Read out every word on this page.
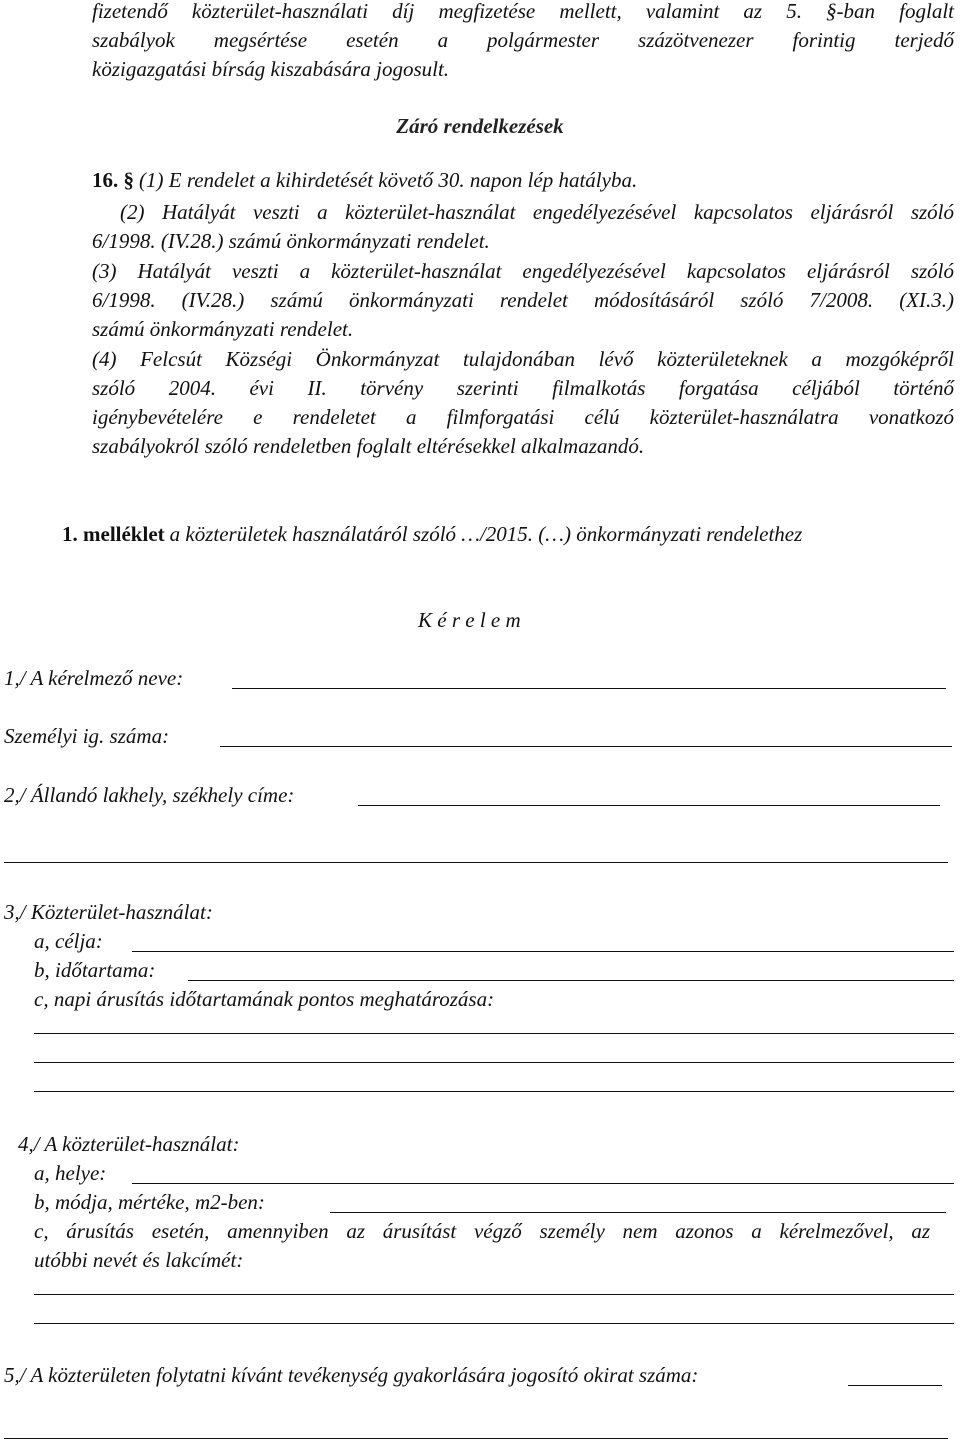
fizetendő közterület-használati díj megfizetése mellett, valamint az 5. §-ban foglalt
szabályok megsértése esetén a polgármester százötvenezer forintig terjedő
közigazgatási bírság kiszabására jogosult.
Záró rendelkezések
16. § (1) E rendelet a kihirdetését követő 30. napon lép hatályba.
(2) Hatályát veszti a közterület-használat engedélyezésével kapcsolatos eljárásról szóló
6/1998. (IV.28.) számú önkormányzati rendelet.
(3) Hatályát veszti a közterület-használat engedélyezésével kapcsolatos eljárásról szóló
6/1998. (IV.28.) számú önkormányzati rendelet módosításáról szóló 7/2008. (XI.3.)
számú önkormányzati rendelet.
(4) Felcsút Községi Önkormányzat tulajdonában lévő közterületeknek a mozgóképről
szóló 2004. évi II. törvény szerinti filmalkotás forgatása céljából történő
igénybevételére e rendeletet a filmforgatási célú közterület-használatra vonatkozó
szabályokról szóló rendeletben foglalt eltérésekkel alkalmazandó.
1. melléklet a közterületek használatáról szóló …/2015. (…) önkormányzati rendelethez
K é r e l e m
1,/ A kérelmező neve:
Személyi ig. száma:
2,/ Állandó lakhely, székhely címe:
3,/ Közterület-használat:
a, célja:
b, időtartama:
c, napi árusítás időtartamának pontos meghatározása:
4,/ A közterület-használat:
a, helye:
b, módja, mértéke, m2-ben:
c, árusítás esetén, amennyiben az árusítást végző személy nem azonos a kérelmezővel, az
utóbbi nevét és lakcímét:
5,/ A közterületen folytatni kívánt tevékenység gyakorlására jogosító okirat száma:
